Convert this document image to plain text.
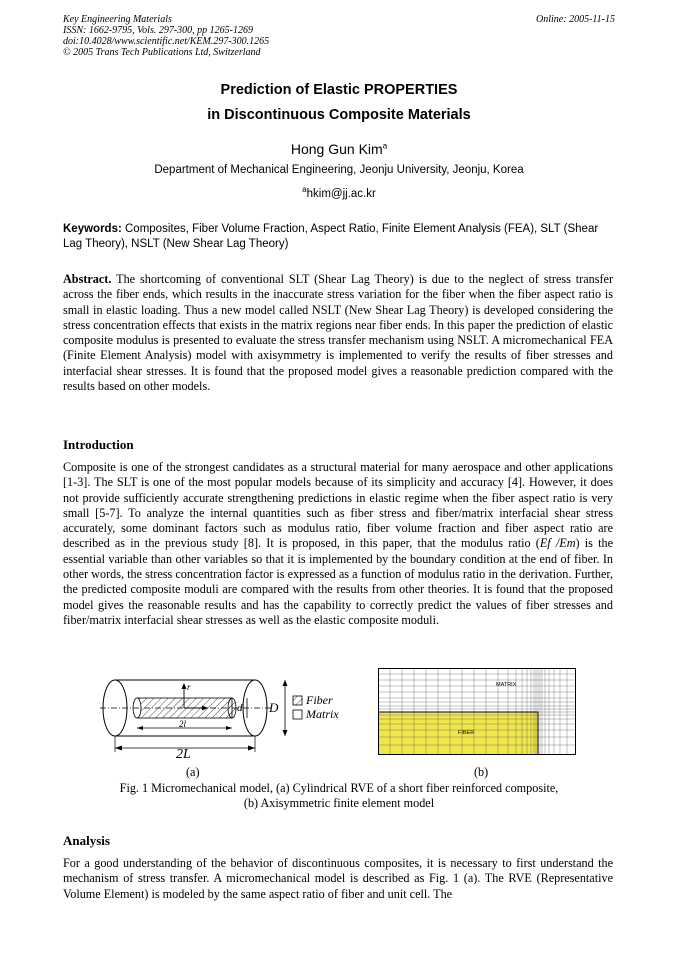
Key Engineering Materials
ISSN: 1662-9795, Vols. 297-300, pp 1265-1269
doi:10.4028/www.scientific.net/KEM.297-300.1265
© 2005 Trans Tech Publications Ltd, Switzerland
Online: 2005-11-15
Prediction of Elastic PROPERTIES
in Discontinuous Composite Materials
Hong Gun Kim$^a$
Department of Mechanical Engineering, Jeonju University, Jeonju, Korea
$^a$hkim@jj.ac.kr
Keywords: Composites, Fiber Volume Fraction, Aspect Ratio, Finite Element Analysis (FEA), SLT (Shear Lag Theory), NSLT (New Shear Lag Theory)
Abstract. The shortcoming of conventional SLT (Shear Lag Theory) is due to the neglect of stress transfer across the fiber ends, which results in the inaccurate stress variation for the fiber when the fiber aspect ratio is small in elastic loading. Thus a new model called NSLT (New Shear Lag Theory) is developed considering the stress concentration effects that exists in the matrix regions near fiber ends. In this paper the prediction of elastic composite modulus is presented to evaluate the stress transfer mechanism using NSLT. A micromechanical FEA (Finite Element Analysis) model with axisymmetry is implemented to verify the results of fiber stresses and interfacial shear stresses. It is found that the proposed model gives a reasonable prediction compared with the results based on other models.
Introduction
Composite is one of the strongest candidates as a structural material for many aerospace and other applications [1-3]. The SLT is one of the most popular models because of its simplicity and accuracy [4]. However, it does not provide sufficiently accurate strengthening predictions in elastic regime when the fiber aspect ratio is very small [5-7]. To analyze the internal quantities such as fiber stress and fiber/matrix interfacial shear stress accurately, some dominant factors such as modulus ratio, fiber volume fraction and fiber aspect ratio are described as in the previous study [8]. It is proposed, in this paper, that the modulus ratio (Ef /Em) is the essential variable than other variables so that it is implemented by the boundary condition at the end of fiber. In other words, the stress concentration factor is expressed as a function of modulus ratio in the derivation. Further, the predicted composite moduli are compared with the results from other theories. It is found that the proposed model gives the reasonable results and has the capability to correctly predict the values of fiber stresses and fiber/matrix interfacial shear stresses as well as the elastic composite moduli.
r
d D
2l
2L
Fiber
Matrix
MATRIX
FIBER
(a)	(b)
Fig. 1 Micromechanical model, (a) Cylindrical RVE of a short fiber reinforced composite,
(b) Axisymmetric finite element model
Analysis
For a good understanding of the behavior of discontinuous composites, it is necessary to first understand the mechanism of stress transfer. A micromechanical model is described as Fig. 1 (a). The RVE (Representative Volume Element) is modeled by the same aspect ratio of fiber and unit cell. The
